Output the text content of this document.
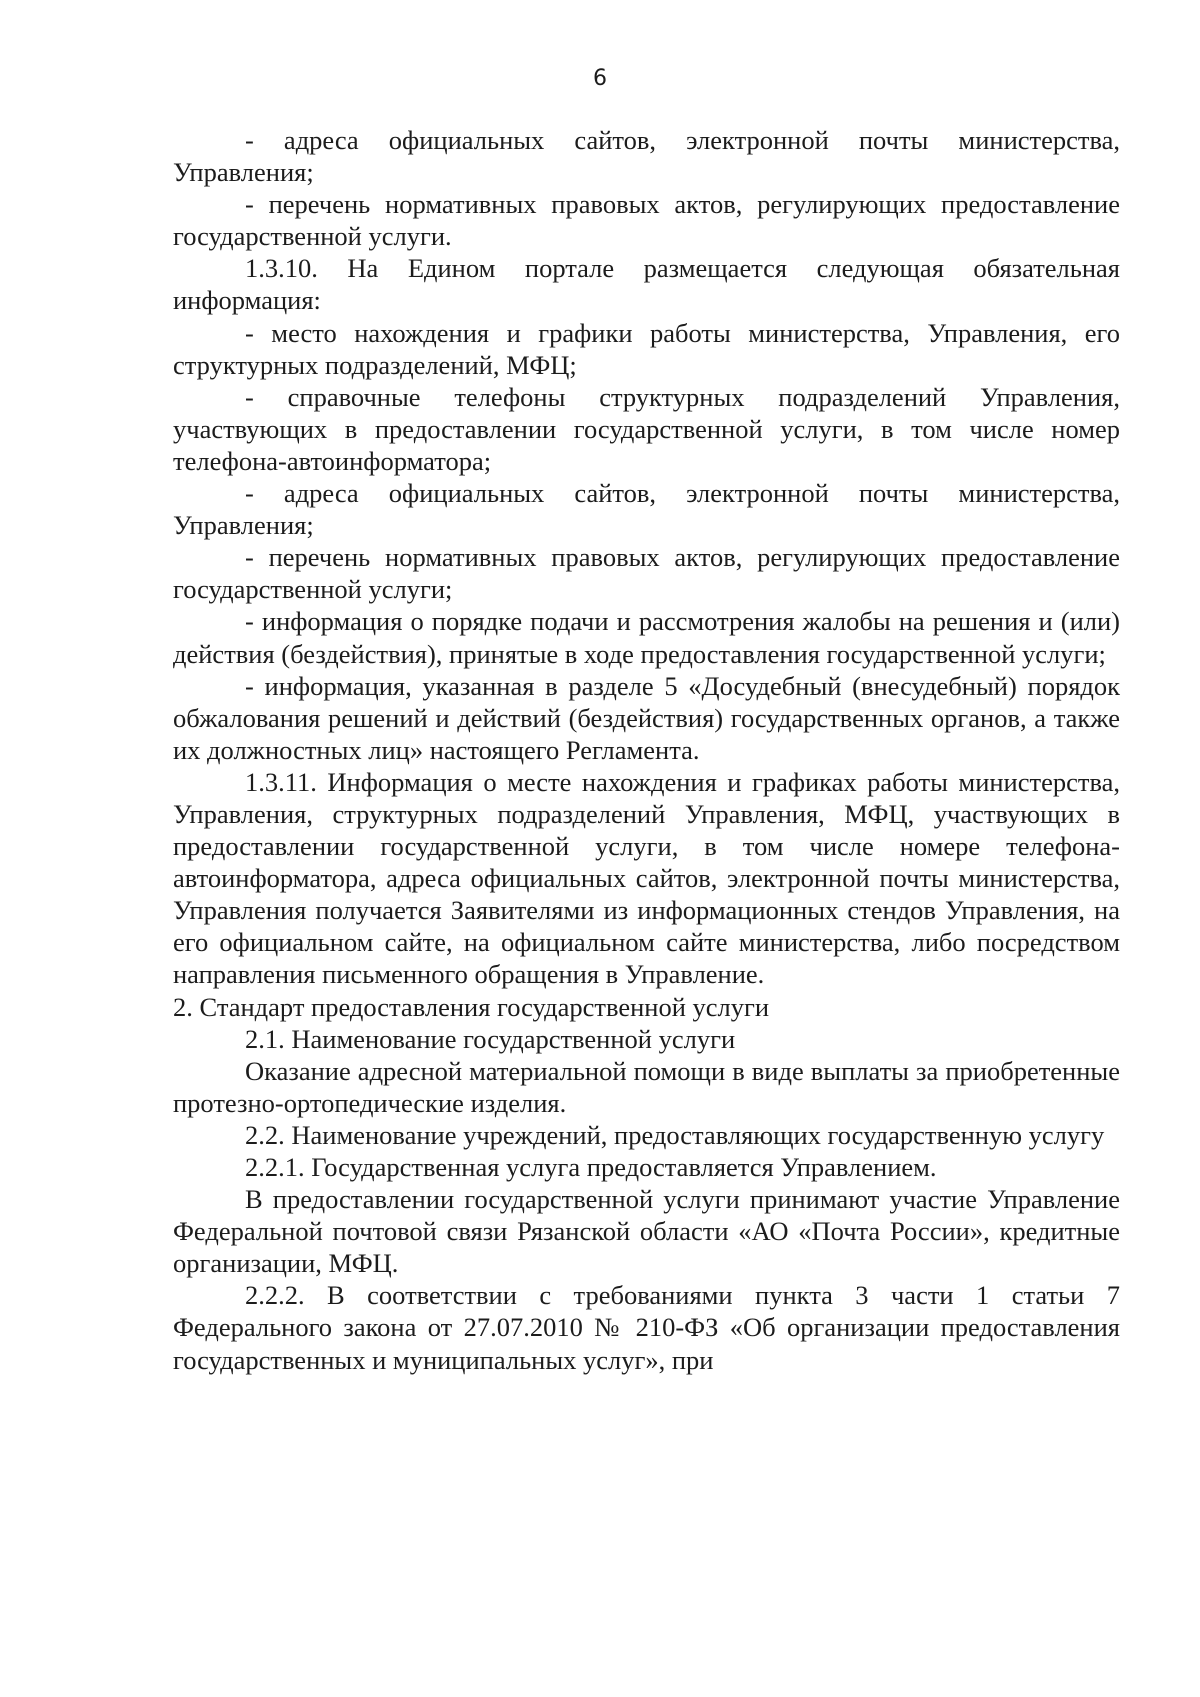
6

- адреса официальных сайтов, электронной почты министерства, Управления;

- перечень нормативных правовых актов, регулирующих предоставление государственной услуги.

1.3.10. На Едином портале размещается следующая обязательная информация:

- место нахождения и графики работы министерства, Управления, его структурных подразделений, МФЦ;

- справочные телефоны структурных подразделений Управления, участвующих в предоставлении государственной услуги, в том числе номер телефона-автоинформатора;

- адреса официальных сайтов, электронной почты министерства, Управления;

- перечень нормативных правовых актов, регулирующих предоставление государственной услуги;

- информация о порядке подачи и рассмотрения жалобы на решения и (или) действия (бездействия), принятые в ходе предоставления государственной услуги;

- информация, указанная в разделе 5 «Досудебный (внесудебный) порядок обжалования решений и действий (бездействия) государственных органов, а также их должностных лиц» настоящего Регламента.

1.3.11. Информация о месте нахождения и графиках работы министерства, Управления, структурных подразделений Управления, МФЦ, участвующих в предоставлении государственной услуги, в том числе номере телефона-автоинформатора, адреса официальных сайтов, электронной почты министерства, Управления получается Заявителями из информационных стендов Управления, на его официальном сайте, на официальном сайте министерства, либо посредством направления письменного обращения в Управление.

2. Стандарт предоставления государственной услуги

2.1. Наименование государственной услуги

Оказание адресной материальной помощи в виде выплаты за приобретенные протезно-ортопедические изделия.

2.2. Наименование учреждений, предоставляющих государственную услугу

2.2.1. Государственная услуга предоставляется Управлением.

В предоставлении государственной услуги принимают участие Управление Федеральной почтовой связи Рязанской области «АО «Почта России», кредитные организации, МФЦ.

2.2.2. В соответствии с требованиями пункта 3 части 1 статьи 7 Федерального закона от 27.07.2010 № 210-ФЗ «Об организации предоставления государственных и муниципальных услуг», при
